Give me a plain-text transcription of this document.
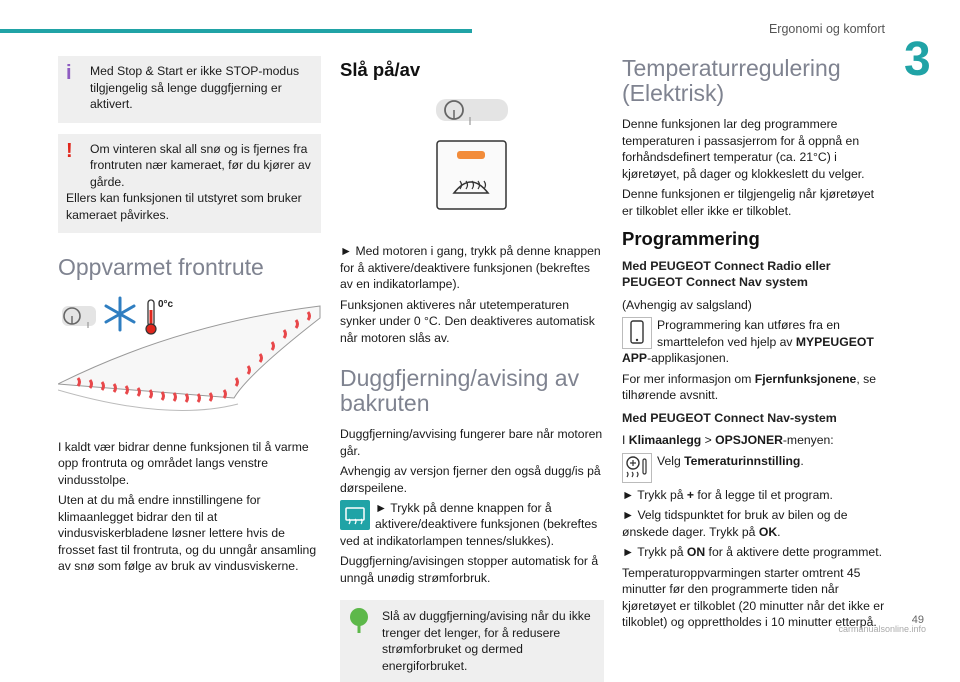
Ergonomi og komfort
3
i	Med Stop & Start er ikke STOP-modus
tilgjengelig så lenge duggfjerning er aktivert.
!	Om vinteren skal all snø og is fjernes fra
frontruten nær kameraet, før du kjører av gårde.
Ellers kan funksjonen til utstyret som bruker kameraet påvirkes.
Oppvarmet frontrute
0°c

I kaldt vær bidrar denne funksjonen til å varme opp frontruta og området langs venstre vindusstolpe.

Uten at du må endre innstillingene for klimaanlegget bidrar den til at vindusviskerbladene løsner lettere hvis de frosset fast til frontruta, og du unngår ansamling av snø som følge av bruk av vindusviskerne.

Slå på/av

► Med motoren i gang, trykk på denne knappen for å aktivere/deaktivere funksjonen (bekreftes av en indikatorlampe).

Funksjonen aktiveres når utetemperaturen synker under 0 °C. Den deaktiveres automatisk når motoren slås av.

Duggfjerning/avising av bakruten

Duggfjerning/avvising fungerer bare når motoren går.

Avhengig av versjon fjerner den også dugg/is på dørspeilene.

► Trykk på denne knappen for å

aktivere/deaktivere funksjonen (bekreftes ved at indikatorlampen tennes/slukkes).

Duggfjerning/avisingen stopper automatisk for å unngå unødig strømforbruk.

Slå av duggfjerning/avising når du ikke
trenger det lenger, for å redusere strømforbruket og dermed energiforbruket.
Temperaturregulering (Elektrisk)

Denne funksjonen lar deg programmere temperaturen i passasjerrom for å oppnå en forhåndsdefinert temperatur (ca. 21°C) i kjøretøyet, på dager og klokkeslett du velger.

Denne funksjonen er tilgjengelig når kjøretøyet er tilkoblet eller ikke er tilkoblet.

Programmering
Med PEUGEOT Connect Radio eller PEUGEOT Connect Nav system

(Avhengig av salgsland)

Programmering kan utføres fra en
smarttelefon ved hjelp av MYPEUGEOT

APP-applikasjonen.

For mer informasjon om Fjernfunksjonene, se tilhørende avsnitt.

Med PEUGEOT Connect Nav-system

I Klimaanlegg > OPSJONER-menyen:

Velg Temeraturinnstilling.

► Trykk på + for å legge til et program.

► Velg tidspunktet for bruk av bilen og de ønskede dager. Trykk på OK.

► Trykk på ON for å aktivere dette programmet.

Temperaturoppvarmingen starter omtrent 45 minutter før den programmerte tiden når kjøretøyet er tilkoblet (20 minutter når det ikke er tilkoblet) og opprettholdes i 10 minutter etterpå.	49
carmanualsonline.info
